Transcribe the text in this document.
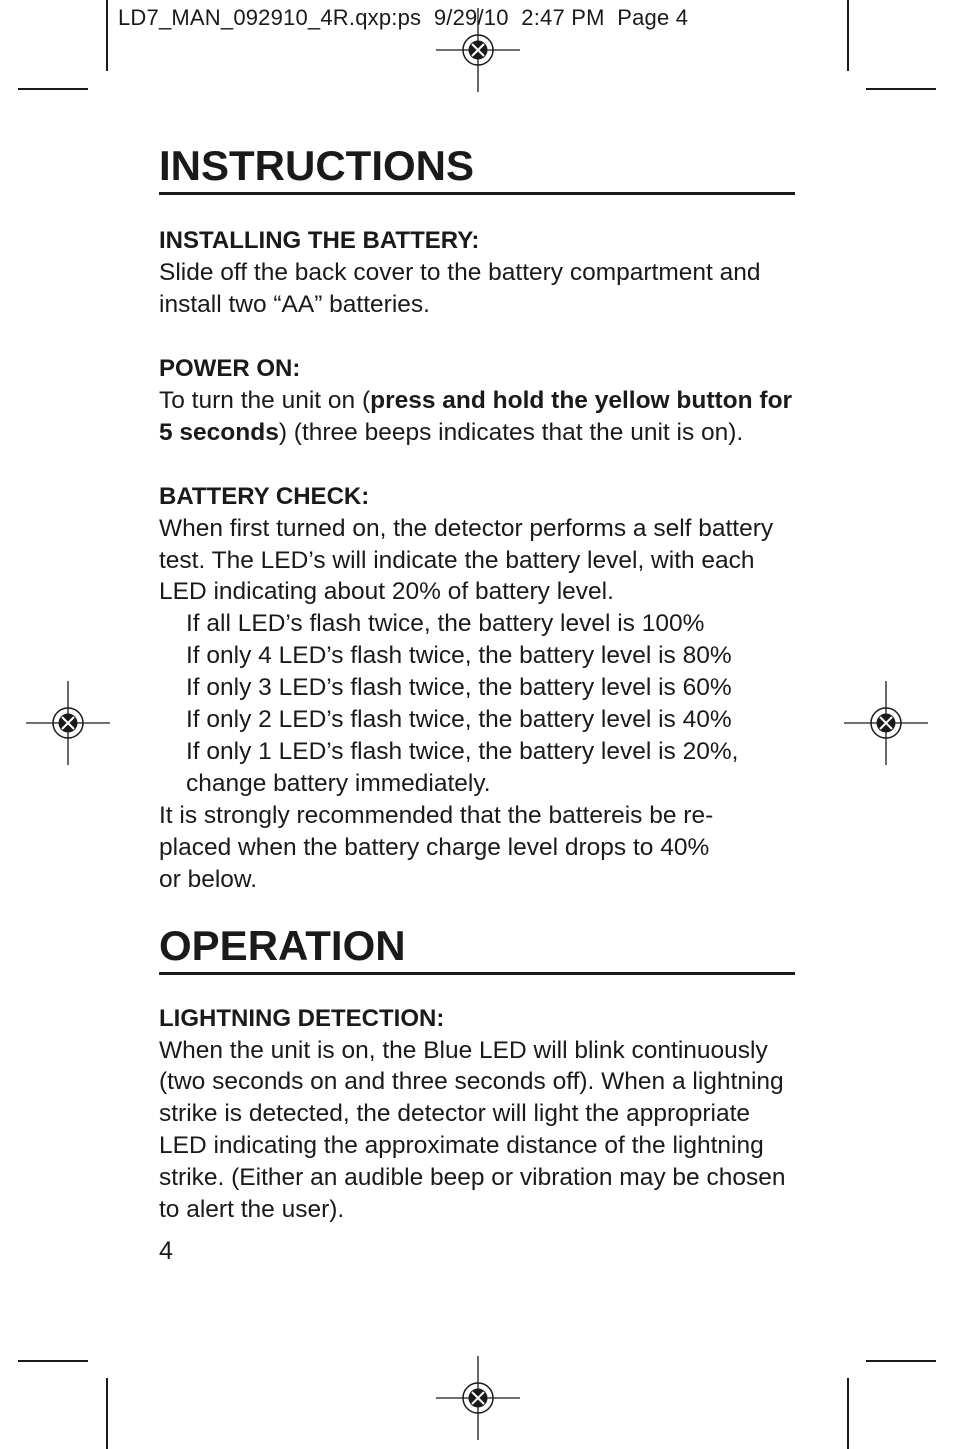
LD7_MAN_092910_4R.qxp:ps  9/29/10  2:47 PM  Page 4
INSTRUCTIONS
INSTALLING THE BATTERY:

Slide off the back cover to the battery compartment and install two “AA” batteries.

POWER ON:

To turn the unit on (press and hold the yellow button for 5 seconds) (three beeps indicates that the unit is on).

BATTERY CHECK:

When first turned on, the detector performs a self battery test. The LED’s will indicate the battery level, with each LED indicating about 20% of battery level.

If all LED’s flash twice, the battery level is 100%
If only 4 LED’s flash twice, the battery level is 80%
If only 3 LED’s flash twice, the battery level is 60%
If only 2 LED’s flash twice, the battery level is 40%
If only 1 LED’s flash twice, the battery level is 20%,
change battery immediately.
It is strongly recommended that the battereis be re-
placed when the battery charge level drops to 40%
or below.
OPERATION
LIGHTNING DETECTION:

When the unit is on, the Blue LED will blink continuously (two seconds on and three seconds off). When a lightning strike is detected, the detector will light the appropriate LED indicating the approximate distance of the lightning strike. (Either an audible beep or vibration may be chosen to alert the user).

4
